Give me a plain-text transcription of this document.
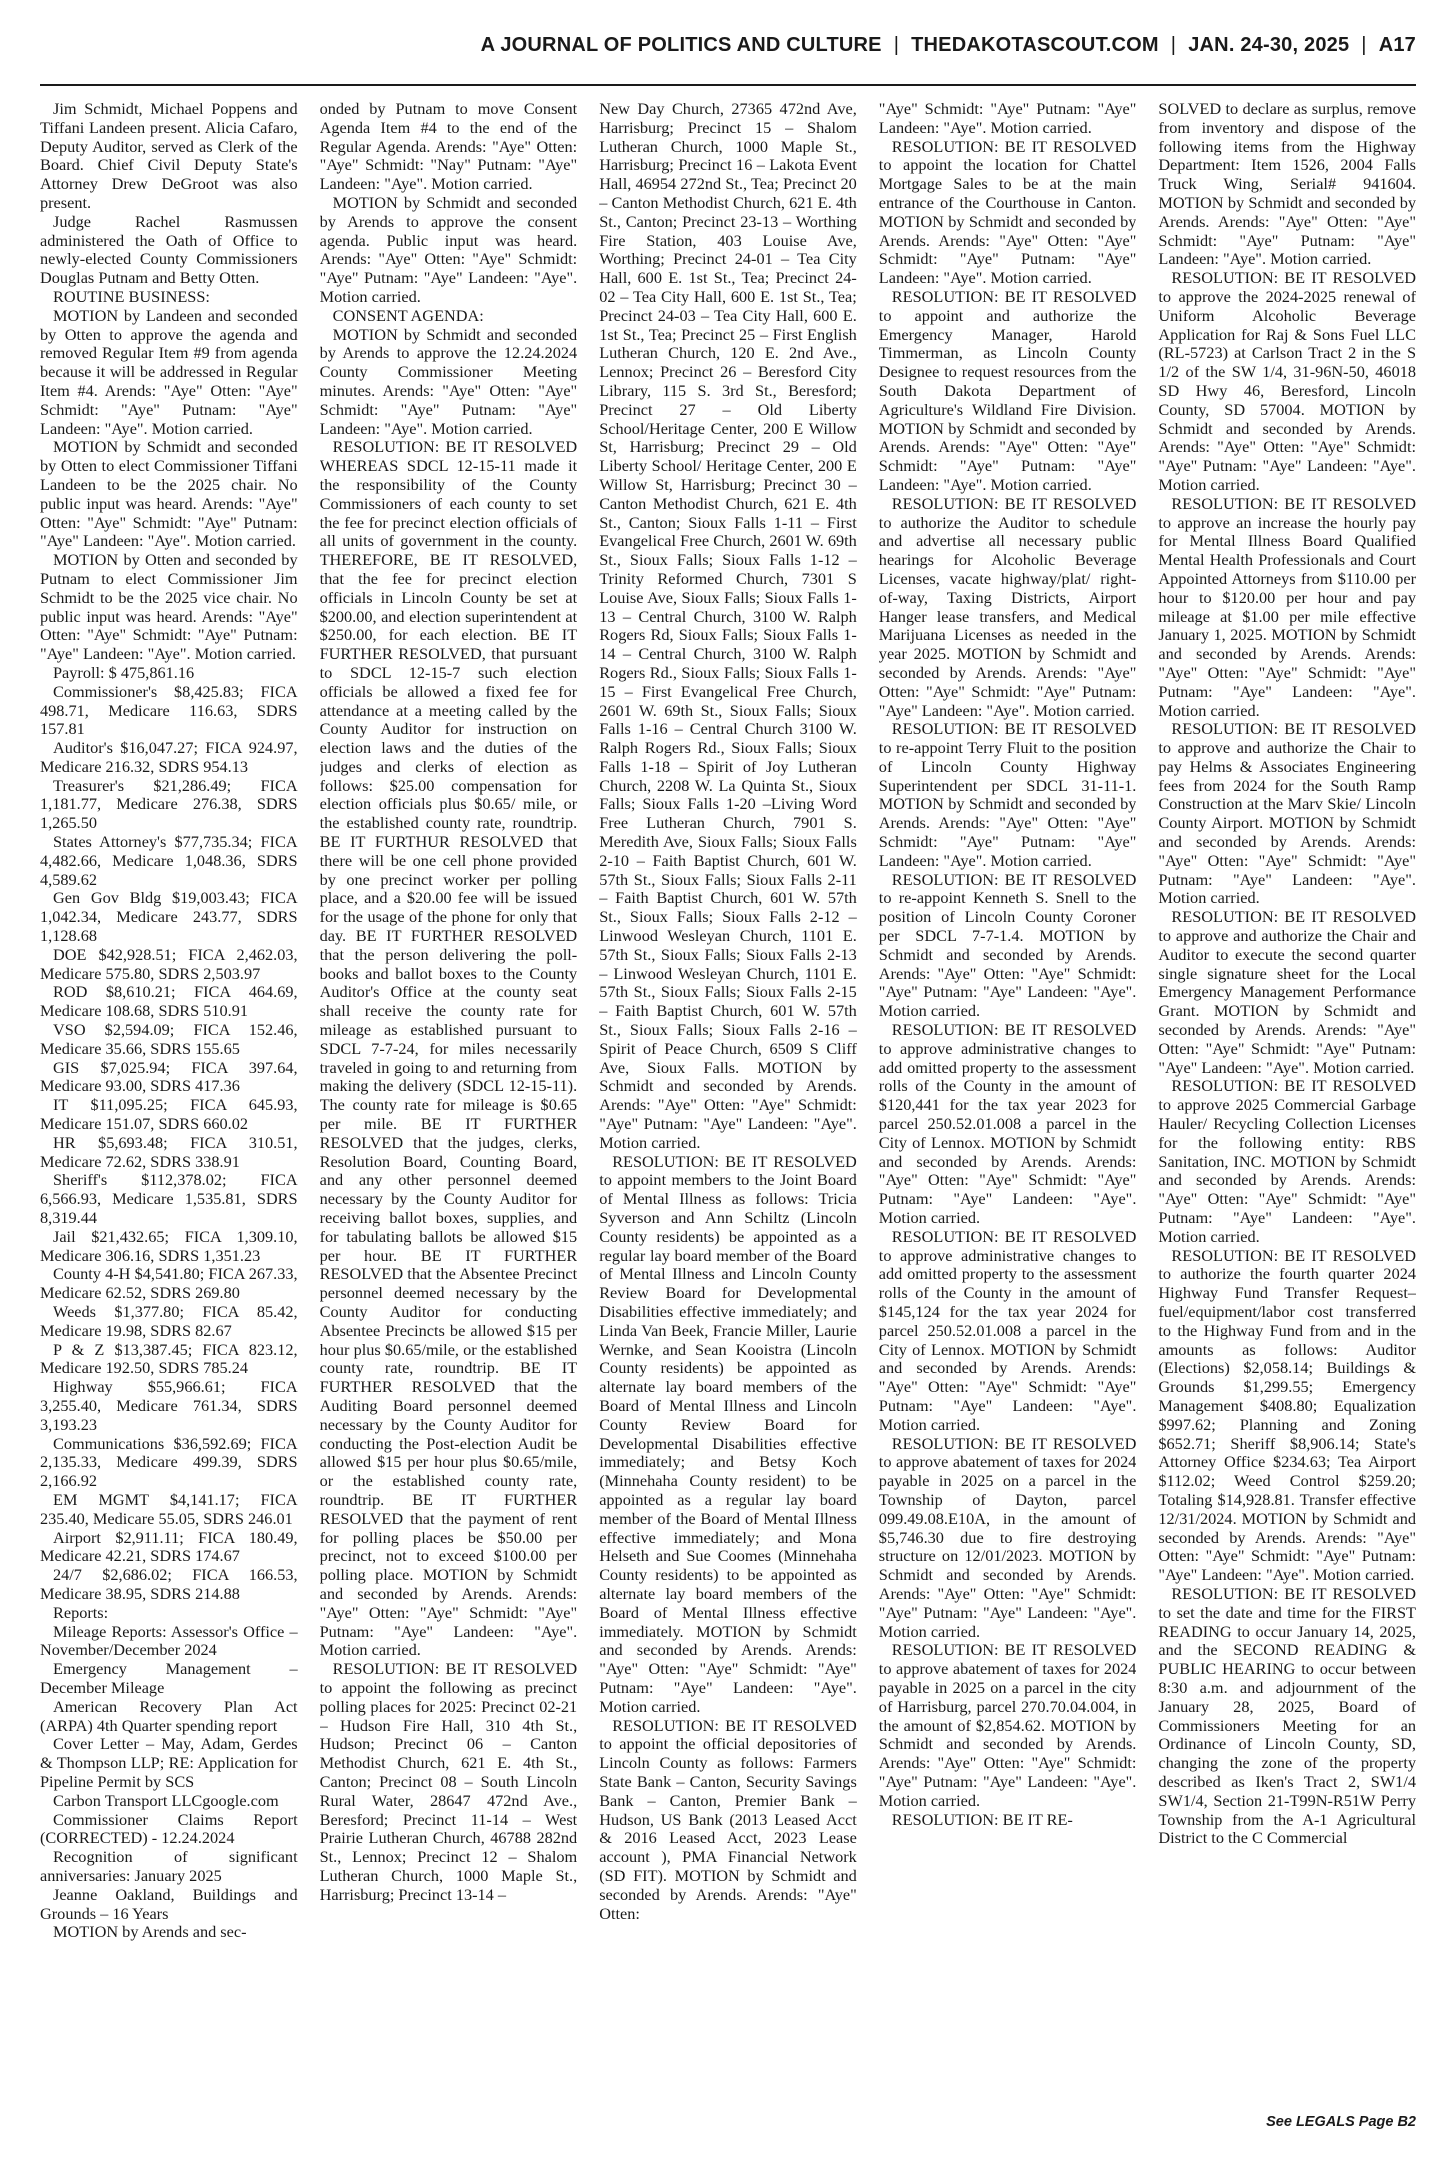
A JOURNAL OF POLITICS AND CULTURE | THEDAKOTASCOUT.COM | JAN. 24-30, 2025 | A17

Jim Schmidt, Michael Poppens and Tiffani Landeen present. Alicia Cafaro, Deputy Auditor, served as Clerk of the Board. Chief Civil Deputy State's Attorney Drew DeGroot was also present.

Judge Rachel Rasmussen administered the Oath of Office to newly-elected County Commissioners Douglas Putnam and Betty Otten.

ROUTINE BUSINESS:

MOTION by Landeen and seconded by Otten to approve the agenda and removed Regular Item #9 from agenda because it will be addressed in Regular Item #4. Arends: "Aye" Otten: "Aye" Schmidt: "Aye" Putnam: "Aye" Landeen: "Aye". Motion carried.

MOTION by Schmidt and seconded by Otten to elect Commissioner Tiffani Landeen to be the 2025 chair. No public input was heard. Arends: "Aye" Otten: "Aye" Schmidt: "Aye" Putnam: "Aye" Landeen: "Aye". Motion carried.

MOTION by Otten and seconded by Putnam to elect Commissioner Jim Schmidt to be the 2025 vice chair. No public input was heard. Arends: "Aye" Otten: "Aye" Schmidt: "Aye" Putnam: "Aye" Landeen: "Aye". Motion carried.

Payroll: $ 475,861.16

Commissioner's $8,425.83; FICA 498.71, Medicare 116.63, SDRS 157.81

Auditor's $16,047.27; FICA 924.97, Medicare 216.32, SDRS 954.13

Treasurer's $21,286.49; FICA 1,181.77, Medicare 276.38, SDRS 1,265.50

States Attorney's $77,735.34; FICA 4,482.66, Medicare 1,048.36, SDRS 4,589.62

Gen Gov Bldg $19,003.43; FICA 1,042.34, Medicare 243.77, SDRS 1,128.68

DOE $42,928.51; FICA 2,462.03, Medicare 575.80, SDRS 2,503.97

ROD $8,610.21; FICA 464.69, Medicare 108.68, SDRS 510.91

VSO $2,594.09; FICA 152.46, Medicare 35.66, SDRS 155.65

GIS $7,025.94; FICA 397.64, Medicare 93.00, SDRS 417.36

IT $11,095.25; FICA 645.93, Medicare 151.07, SDRS 660.02

HR $5,693.48; FICA 310.51, Medicare 72.62, SDRS 338.91

Sheriff's $112,378.02; FICA 6,566.93, Medicare 1,535.81, SDRS 8,319.44

Jail $21,432.65; FICA 1,309.10, Medicare 306.16, SDRS 1,351.23

County 4-H $4,541.80; FICA 267.33, Medicare 62.52, SDRS 269.80

Weeds $1,377.80; FICA 85.42, Medicare 19.98, SDRS 82.67

P & Z $13,387.45; FICA 823.12, Medicare 192.50, SDRS 785.24

Highway $55,966.61; FICA 3,255.40, Medicare 761.34, SDRS 3,193.23

Communications $36,592.69; FICA 2,135.33, Medicare 499.39, SDRS 2,166.92

EM MGMT $4,141.17; FICA 235.40, Medicare 55.05, SDRS 246.01

Airport $2,911.11; FICA 180.49, Medicare 42.21, SDRS 174.67

24/7 $2,686.02; FICA 166.53, Medicare 38.95, SDRS 214.88

Reports:

Mileage Reports: Assessor's Office – November/December 2024

Emergency Management – December Mileage

American Recovery Plan Act (ARPA) 4th Quarter spending report

Cover Letter – May, Adam, Gerdes & Thompson LLP; RE: Application for Pipeline Permit by SCS

Carbon Transport LLCgoogle.com

Commissioner Claims Report (CORRECTED) - 12.24.2024

Recognition of significant anniversaries: January 2025

Jeanne Oakland, Buildings and Grounds – 16 Years

MOTION by Arends and sec-

onded by Putnam to move Consent Agenda Item #4 to the end of the Regular Agenda. Arends: "Aye" Otten: "Aye" Schmidt: "Nay" Putnam: "Aye" Landeen: "Aye". Motion carried.

MOTION by Schmidt and seconded by Arends to approve the consent agenda. Public input was heard. Arends: "Aye" Otten: "Aye" Schmidt: "Aye" Putnam: "Aye" Landeen: "Aye". Motion carried.

CONSENT AGENDA:

MOTION by Schmidt and seconded by Arends to approve the 12.24.2024 County Commissioner Meeting minutes. Arends: "Aye" Otten: "Aye" Schmidt: "Aye" Putnam: "Aye" Landeen: "Aye". Motion carried.

RESOLUTION: BE IT RESOLVED WHEREAS SDCL 12-15-11 made it the responsibility of the County Commissioners of each county to set the fee for precinct election officials of all units of government in the county. THEREFORE, BE IT RESOLVED, that the fee for precinct election officials in Lincoln County be set at $200.00, and election superintendent at $250.00, for each election. BE IT FURTHER RESOLVED, that pursuant to SDCL 12-15-7 such election officials be allowed a fixed fee for attendance at a meeting called by the County Auditor for instruction on election laws and the duties of the judges and clerks of election as follows: $25.00 compensation for election officials plus $0.65/ mile, or the established county rate, roundtrip. BE IT FURTHUR RESOLVED that there will be one cell phone provided by one precinct worker per polling place, and a $20.00 fee will be issued for the usage of the phone for only that day. BE IT FURTHER RESOLVED that the person delivering the poll-books and ballot boxes to the County Auditor's Office at the county seat shall receive the county rate for mileage as established pursuant to SDCL 7-7-24, for miles necessarily traveled in going to and returning from making the delivery (SDCL 12-15-11). The county rate for mileage is $0.65 per mile. BE IT FURTHER RESOLVED that the judges, clerks, Resolution Board, Counting Board, and any other personnel deemed necessary by the County Auditor for receiving ballot boxes, supplies, and for tabulating ballots be allowed $15 per hour. BE IT FURTHER RESOLVED that the Absentee Precinct personnel deemed necessary by the County Auditor for conducting Absentee Precincts be allowed $15 per hour plus $0.65/mile, or the established county rate, roundtrip. BE IT FURTHER RESOLVED that the Auditing Board personnel deemed necessary by the County Auditor for conducting the Post-election Audit be allowed $15 per hour plus $0.65/mile, or the established county rate, roundtrip. BE IT FURTHER RESOLVED that the payment of rent for polling places be $50.00 per precinct, not to exceed $100.00 per polling place. MOTION by Schmidt and seconded by Arends. Arends: "Aye" Otten: "Aye" Schmidt: "Aye" Putnam: "Aye" Landeen: "Aye". Motion carried.

RESOLUTION: BE IT RESOLVED to appoint the following as precinct polling places for 2025: Precinct 02-21 – Hudson Fire Hall, 310 4th St., Hudson; Precinct 06 – Canton Methodist Church, 621 E. 4th St., Canton; Precinct 08 – South Lincoln Rural Water, 28647 472nd Ave., Beresford; Precinct 11-14 – West Prairie Lutheran Church, 46788 282nd St., Lennox; Precinct 12 – Shalom Lutheran Church, 1000 Maple St., Harrisburg; Precinct 13-14 –

New Day Church, 27365 472nd Ave, Harrisburg; Precinct 15 – Shalom Lutheran Church, 1000 Maple St., Harrisburg; Precinct 16 – Lakota Event Hall, 46954 272nd St., Tea; Precinct 20 – Canton Methodist Church, 621 E. 4th St., Canton; Precinct 23-13 – Worthing Fire Station, 403 Louise Ave, Worthing; Precinct 24-01 – Tea City Hall, 600 E. 1st St., Tea; Precinct 24-02 – Tea City Hall, 600 E. 1st St., Tea; Precinct 24-03 – Tea City Hall, 600 E. 1st St., Tea; Precinct 25 – First English Lutheran Church, 120 E. 2nd Ave., Lennox; Precinct 26 – Beresford City Library, 115 S. 3rd St., Beresford; Precinct 27 – Old Liberty School/Heritage Center, 200 E Willow St, Harrisburg; Precinct 29 – Old Liberty School/ Heritage Center, 200 E Willow St, Harrisburg; Precinct 30 – Canton Methodist Church, 621 E. 4th St., Canton; Sioux Falls 1-11 – First Evangelical Free Church, 2601 W. 69th St., Sioux Falls; Sioux Falls 1-12 –Trinity Reformed Church, 7301 S Louise Ave, Sioux Falls; Sioux Falls 1-13 – Central Church, 3100 W. Ralph Rogers Rd, Sioux Falls; Sioux Falls 1-14 – Central Church, 3100 W. Ralph Rogers Rd., Sioux Falls; Sioux Falls 1-15 – First Evangelical Free Church, 2601 W. 69th St., Sioux Falls; Sioux Falls 1-16 – Central Church 3100 W. Ralph Rogers Rd., Sioux Falls; Sioux Falls 1-18 – Spirit of Joy Lutheran Church, 2208 W. La Quinta St., Sioux Falls; Sioux Falls 1-20 –Living Word Free Lutheran Church, 7901 S. Meredith Ave, Sioux Falls; Sioux Falls 2-10 – Faith Baptist Church, 601 W. 57th St., Sioux Falls; Sioux Falls 2-11 – Faith Baptist Church, 601 W. 57th St., Sioux Falls; Sioux Falls 2-12 – Linwood Wesleyan Church, 1101 E. 57th St., Sioux Falls; Sioux Falls 2-13 – Linwood Wesleyan Church, 1101 E. 57th St., Sioux Falls; Sioux Falls 2-15 – Faith Baptist Church, 601 W. 57th St., Sioux Falls; Sioux Falls 2-16 – Spirit of Peace Church, 6509 S Cliff Ave, Sioux Falls. MOTION by Schmidt and seconded by Arends. Arends: "Aye" Otten: "Aye" Schmidt: "Aye" Putnam: "Aye" Landeen: "Aye". Motion carried.

RESOLUTION: BE IT RESOLVED to appoint members to the Joint Board of Mental Illness as follows: Tricia Syverson and Ann Schiltz (Lincoln County residents) be appointed as a regular lay board member of the Board of Mental Illness and Lincoln County Review Board for Developmental Disabilities effective immediately; and Linda Van Beek, Francie Miller, Laurie Wernke, and Sean Kooistra (Lincoln County residents) be appointed as alternate lay board members of the Board of Mental Illness and Lincoln County Review Board for Developmental Disabilities effective immediately; and Betsy Koch (Minnehaha County resident) to be appointed as a regular lay board member of the Board of Mental Illness effective immediately; and Mona Helseth and Sue Coomes (Minnehaha County residents) to be appointed as alternate lay board members of the Board of Mental Illness effective immediately. MOTION by Schmidt and seconded by Arends. Arends: "Aye" Otten: "Aye" Schmidt: "Aye" Putnam: "Aye" Landeen: "Aye". Motion carried.

RESOLUTION: BE IT RESOLVED to appoint the official depositories of Lincoln County as follows: Farmers State Bank – Canton, Security Savings Bank – Canton, Premier Bank – Hudson, US Bank (2013 Leased Acct & 2016 Leased Acct, 2023 Lease account ), PMA Financial Network (SD FIT). MOTION by Schmidt and seconded by Arends. Arends: "Aye" Otten:

"Aye" Schmidt: "Aye" Putnam: "Aye" Landeen: "Aye". Motion carried.

RESOLUTION: BE IT RESOLVED to appoint the location for Chattel Mortgage Sales to be at the main entrance of the Courthouse in Canton. MOTION by Schmidt and seconded by Arends. Arends: "Aye" Otten: "Aye" Schmidt: "Aye" Putnam: "Aye" Landeen: "Aye". Motion carried.

RESOLUTION: BE IT RESOLVED to appoint and authorize the Emergency Manager, Harold Timmerman, as Lincoln County Designee to request resources from the South Dakota Department of Agriculture's Wildland Fire Division. MOTION by Schmidt and seconded by Arends. Arends: "Aye" Otten: "Aye" Schmidt: "Aye" Putnam: "Aye" Landeen: "Aye". Motion carried.

RESOLUTION: BE IT RESOLVED to authorize the Auditor to schedule and advertise all necessary public hearings for Alcoholic Beverage Licenses, vacate highway/plat/ right-of-way, Taxing Districts, Airport Hanger lease transfers, and Medical Marijuana Licenses as needed in the year 2025. MOTION by Schmidt and seconded by Arends. Arends: "Aye" Otten: "Aye" Schmidt: "Aye" Putnam: "Aye" Landeen: "Aye". Motion carried.

RESOLUTION: BE IT RESOLVED to re-appoint Terry Fluit to the position of Lincoln County Highway Superintendent per SDCL 31-11-1. MOTION by Schmidt and seconded by Arends. Arends: "Aye" Otten: "Aye" Schmidt: "Aye" Putnam: "Aye" Landeen: "Aye". Motion carried.

RESOLUTION: BE IT RESOLVED to re-appoint Kenneth S. Snell to the position of Lincoln County Coroner per SDCL 7-7-1.4. MOTION by Schmidt and seconded by Arends. Arends: "Aye" Otten: "Aye" Schmidt: "Aye" Putnam: "Aye" Landeen: "Aye". Motion carried.

RESOLUTION: BE IT RESOLVED to approve administrative changes to add omitted property to the assessment rolls of the County in the amount of $120,441 for the tax year 2023 for parcel 250.52.01.008 a parcel in the City of Lennox. MOTION by Schmidt and seconded by Arends. Arends: "Aye" Otten: "Aye" Schmidt: "Aye" Putnam: "Aye" Landeen: "Aye". Motion carried.

RESOLUTION: BE IT RESOLVED to approve administrative changes to add omitted property to the assessment rolls of the County in the amount of $145,124 for the tax year 2024 for parcel 250.52.01.008 a parcel in the City of Lennox. MOTION by Schmidt and seconded by Arends. Arends: "Aye" Otten: "Aye" Schmidt: "Aye" Putnam: "Aye" Landeen: "Aye". Motion carried.

RESOLUTION: BE IT RESOLVED to approve abatement of taxes for 2024 payable in 2025 on a parcel in the Township of Dayton, parcel 099.49.08.E10A, in the amount of $5,746.30 due to fire destroying structure on 12/01/2023. MOTION by Schmidt and seconded by Arends. Arends: "Aye" Otten: "Aye" Schmidt: "Aye" Putnam: "Aye" Landeen: "Aye". Motion carried.

RESOLUTION: BE IT RESOLVED to approve abatement of taxes for 2024 payable in 2025 on a parcel in the city of Harrisburg, parcel 270.70.04.004, in the amount of $2,854.62. MOTION by Schmidt and seconded by Arends. Arends: "Aye" Otten: "Aye" Schmidt: "Aye" Putnam: "Aye" Landeen: "Aye". Motion carried.

RESOLUTION: BE IT RE-

SOLVED to declare as surplus, remove from inventory and dispose of the following items from the Highway Department: Item 1526, 2004 Falls Truck Wing, Serial# 941604. MOTION by Schmidt and seconded by Arends. Arends: "Aye" Otten: "Aye" Schmidt: "Aye" Putnam: "Aye" Landeen: "Aye". Motion carried.

RESOLUTION: BE IT RESOLVED to approve the 2024-2025 renewal of Uniform Alcoholic Beverage Application for Raj & Sons Fuel LLC (RL-5723) at Carlson Tract 2 in the S 1/2 of the SW 1/4, 31-96N-50, 46018 SD Hwy 46, Beresford, Lincoln County, SD 57004. MOTION by Schmidt and seconded by Arends. Arends: "Aye" Otten: "Aye" Schmidt: "Aye" Putnam: "Aye" Landeen: "Aye". Motion carried.

RESOLUTION: BE IT RESOLVED to approve an increase the hourly pay for Mental Illness Board Qualified Mental Health Professionals and Court Appointed Attorneys from $110.00 per hour to $120.00 per hour and pay mileage at $1.00 per mile effective January 1, 2025. MOTION by Schmidt and seconded by Arends. Arends: "Aye" Otten: "Aye" Schmidt: "Aye" Putnam: "Aye" Landeen: "Aye". Motion carried.

RESOLUTION: BE IT RESOLVED to approve and authorize the Chair to pay Helms & Associates Engineering fees from 2024 for the South Ramp Construction at the Marv Skie/ Lincoln County Airport. MOTION by Schmidt and seconded by Arends. Arends: "Aye" Otten: "Aye" Schmidt: "Aye" Putnam: "Aye" Landeen: "Aye". Motion carried.

RESOLUTION: BE IT RESOLVED to approve and authorize the Chair and Auditor to execute the second quarter single signature sheet for the Local Emergency Management Performance Grant. MOTION by Schmidt and seconded by Arends. Arends: "Aye" Otten: "Aye" Schmidt: "Aye" Putnam: "Aye" Landeen: "Aye". Motion carried.

RESOLUTION: BE IT RESOLVED to approve 2025 Commercial Garbage Hauler/ Recycling Collection Licenses for the following entity: RBS Sanitation, INC. MOTION by Schmidt and seconded by Arends. Arends: "Aye" Otten: "Aye" Schmidt: "Aye" Putnam: "Aye" Landeen: "Aye". Motion carried.

RESOLUTION: BE IT RESOLVED to authorize the fourth quarter 2024 Highway Fund Transfer Request–fuel/equipment/labor cost transferred to the Highway Fund from and in the amounts as follows: Auditor (Elections) $2,058.14; Buildings & Grounds $1,299.55; Emergency Management $408.80; Equalization $997.62; Planning and Zoning $652.71; Sheriff $8,906.14; State's Attorney Office $234.63; Tea Airport $112.02; Weed Control $259.20; Totaling $14,928.81. Transfer effective 12/31/2024. MOTION by Schmidt and seconded by Arends. Arends: "Aye" Otten: "Aye" Schmidt: "Aye" Putnam: "Aye" Landeen: "Aye". Motion carried.

RESOLUTION: BE IT RESOLVED to set the date and time for the FIRST READING to occur January 14, 2025, and the SECOND READING & PUBLIC HEARING to occur between 8:30 a.m. and adjournment of the January 28, 2025, Board of Commissioners Meeting for an Ordinance of Lincoln County, SD, changing the zone of the property described as Iken's Tract 2, SW1/4 SW1/4, Section 21-T99N-R51W Perry Township from the A-1 Agricultural District to the C Commercial

See LEGALS Page B2
